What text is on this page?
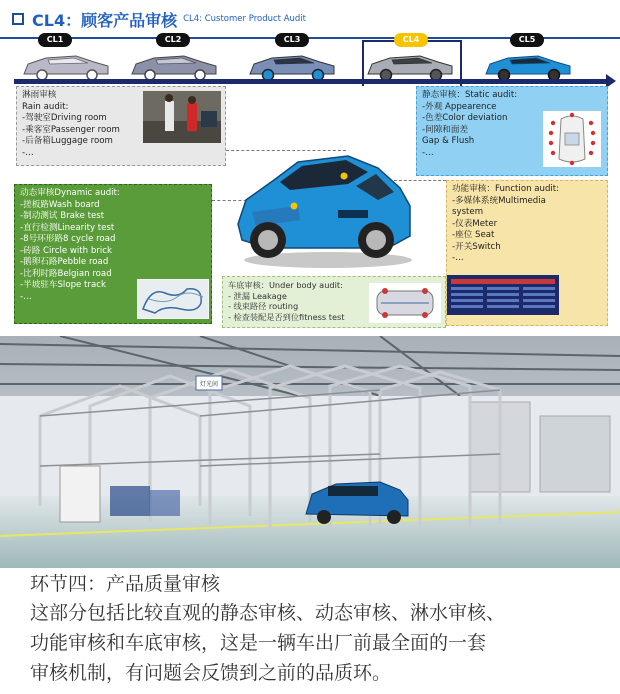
CL4：顾客产品审核 CL4: Customer Product Audit
CL1	CL2	CL3	CL4	CL5
淋雨审核
Rain audit:
-驾驶室Driving room
-乘客室Passenger room
-后备箱Luggage room
-…
静态审核：Static audit:
-外观 Appearence
-色差Color deviation
-间隙和面差
Gap & Flush
-…
动态审核Dynamic audit:
-搓板路Wash board
-制动测试 Brake test
-直行检测Linearity test
-8号环形路8 cycle road
-砖路 Circle with brick
-鹅卵石路Pebble road
-比利时路Belgian road
-半坡驻车Slope track
-…
功能审核：Function audit:
-多媒体系统Multimedia
system
-仪表Meter
-座位 Seat
-开关Switch
-…
车底审核：Under body audit:
- 泄漏 Leakage
- 线束路径 routing
- 检查装配是否到位fitness test
灯光间
环节四：产品质量审核
这部分包括比较直观的静态审核、动态审核、淋水审核、
功能审核和车底审核，这是一辆车出厂前最全面的一套
审核机制，有问题会反馈到之前的品质环。
